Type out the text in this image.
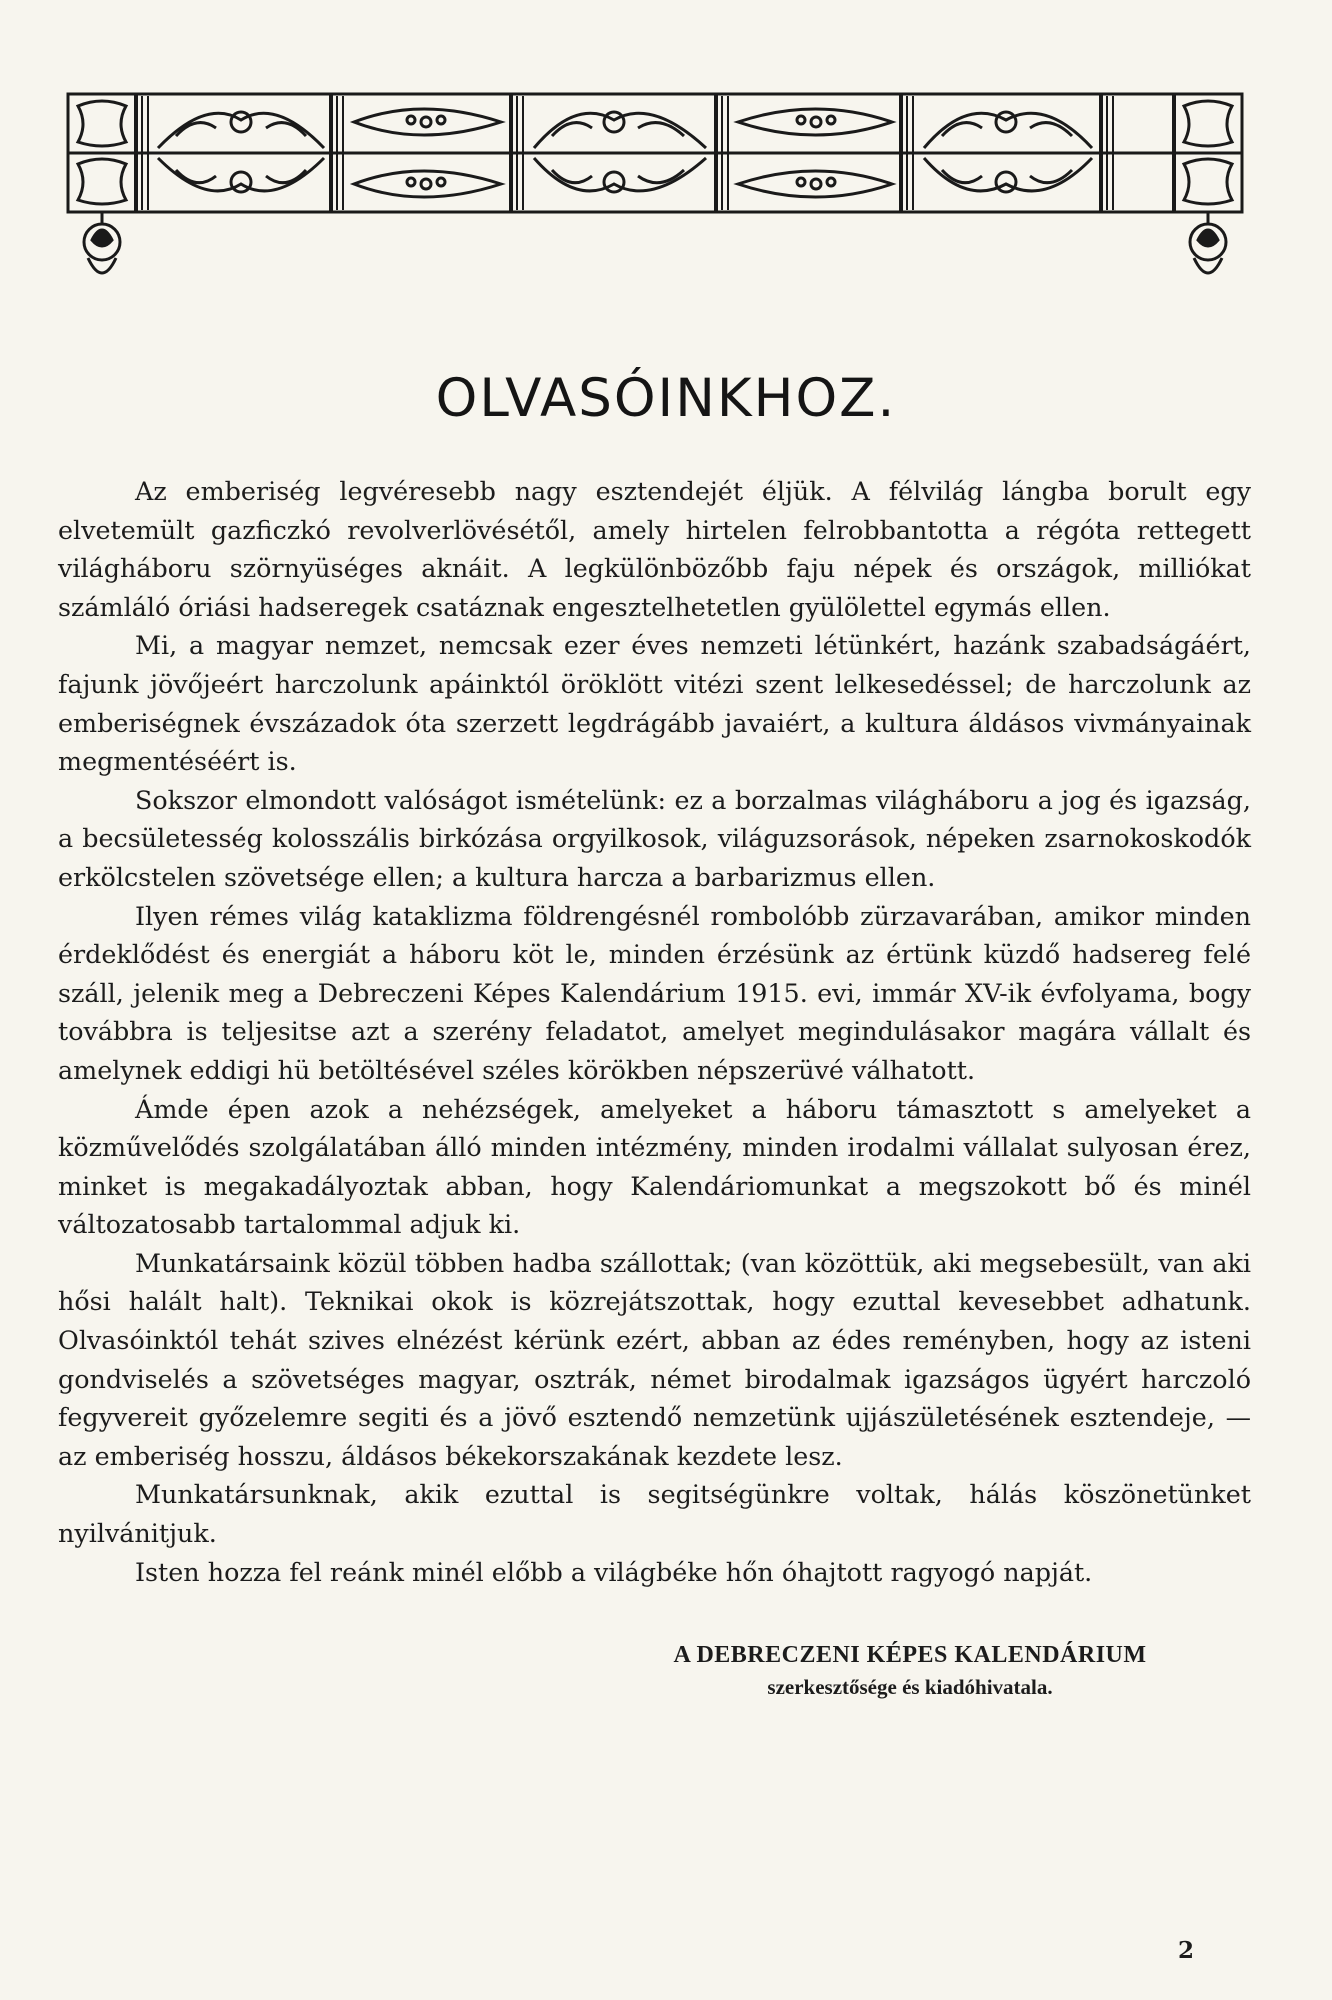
OLVASÓINKHOZ.

Az emberiség legvéresebb nagy esztendejét éljük. A félvilág lángba borult egy elvetemült gazficzkó revolverlövésétől, amely hirtelen felrobbantotta a régóta rettegett világháboru szörnyüséges aknáit. A legkülönbözőbb faju népek és országok, milliókat számláló óriási hadseregek csatáznak engesztelhetetlen gyülölettel egymás ellen.

Mi, a magyar nemzet, nemcsak ezer éves nemzeti létünkért, hazánk szabadságáért, fajunk jövőjeért harczolunk apáinktól öröklött vitézi szent lelkesedéssel; de harczolunk az emberiségnek évszázadok óta szerzett legdrágább javaiért, a kultura áldásos vivmányainak megmentéséért is.

Sokszor elmondott valóságot ismételünk: ez a borzalmas világháboru a jog és igazság, a becsületesség kolosszális birkózása orgyilkosok, világuzsorások, népeken zsarnokoskodók erkölcstelen szövetsége ellen; a kultura harcza a barbarizmus ellen.

Ilyen rémes világ kataklizma földrengésnél rombolóbb zürzavarában, amikor minden érdeklődést és energiát a háboru köt le, minden érzésünk az értünk küzdő hadsereg felé száll, jelenik meg a Debreczeni Képes Kalendárium 1915. evi, immár XV-ik évfolyama, bogy továbbra is teljesitse azt a szerény feladatot, amelyet megindulásakor magára vállalt és amelynek eddigi hü betöltésével széles körökben népszerüvé válhatott.

Ámde épen azok a nehézségek, amelyeket a háboru támasztott s amelyeket a közművelődés szolgálatában álló minden intézmény, minden irodalmi vállalat sulyosan érez, minket is megakadályoztak abban, hogy Kalendáriomunkat a megszokott bő és minél változatosabb tartalommal adjuk ki.

Munkatársaink közül többen hadba szállottak; (van közöttük, aki megsebesült, van aki hősi halált halt). Teknikai okok is közrejátszottak, hogy ezuttal kevesebbet adhatunk. Olvasóinktól tehát szives elnézést kérünk ezért, abban az édes reményben, hogy az isteni gondviselés a szövetséges magyar, osztrák, német birodalmak igazságos ügyért harczoló fegyvereit győzelemre segiti és a jövő esztendő nemzetünk ujjászületésének esztendeje, — az emberiség hosszu, áldásos békekorszakának kezdete lesz.

Munkatársunknak, akik ezuttal is segitségünkre voltak, hálás köszönetünket nyilvánitjuk.

Isten hozza fel reánk minél előbb a világbéke hőn óhajtott ragyogó napját.

A DEBRECZENI KÉPES KALENDÁRIUM
szerkesztősége és kiadóhivatala.
2
